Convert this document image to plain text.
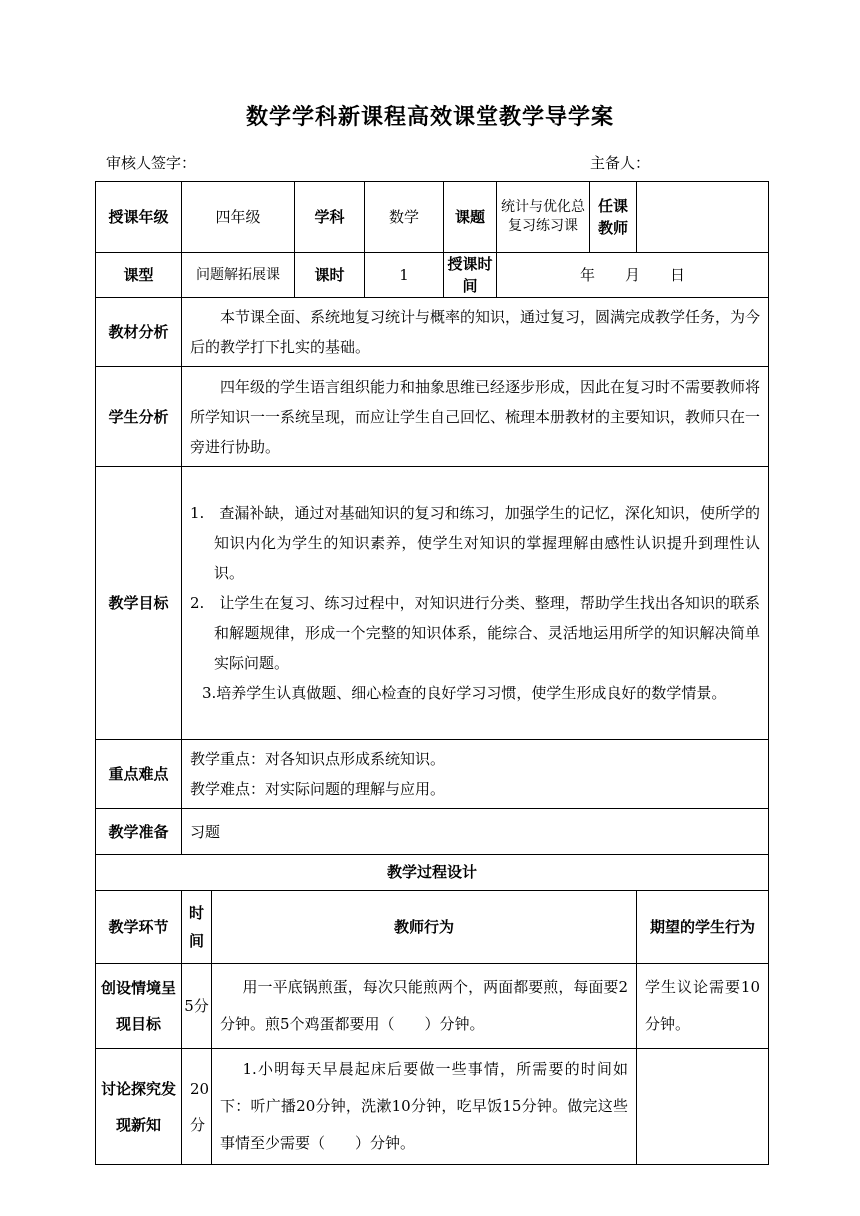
数学学科新课程高效课堂教学导学案
审核人签字：	主备人：
授课年级	四年级		学科	数学	课题	统计与优化总复习练习课	任课教师	
课型	问题解拓展课		课时	1	授课时间	年　　月　　日		
教材分析	本节课全面、系统地复习统计与概率的知识，通过复习，圆满完成教学任务，为今后的教学打下扎实的基础。							
学生分析	四年级的学生语言组织能力和抽象思维已经逐步形成，因此在复习时不需要教师将所学知识一一系统呈现，而应让学生自己回忆、梳理本册教材的主要知识，教师只在一旁进行协助。							
教学目标	1.　查漏补缺，通过对基础知识的复习和练习，加强学生的记忆，深化知识，使所学的知识内化为学生的知识素养，使学生对知识的掌握理解由感性认识提升到理性认识。
2.　让学生在复习、练习过程中，对知识进行分类、整理，帮助学生找出各知识的联系和解题规律，形成一个完整的知识体系，能综合、灵活地运用所学的知识解决简单实际问题。
3.培养学生认真做题、细心检查的良好学习习惯，使学生形成良好的数学情景。							

重点难点	教学重点：对各知识点形成系统知识。
教学难点：对实际问题的理解与应用。							

教学准备	习题							
教学过程设计								
教学环节	时间	教师行为						期望的学生行为
创设情境呈现目标	5分	用一平底锅煎蛋，每次只能煎两个，两面都要煎，每面要2分钟。煎5个鸡蛋都要用（　　）分钟。						学生议论需要10分钟。
讨论探究发现新知	20分	1.小明每天早晨起床后要做一些事情，所需要的时间如下：听广播20分钟，洗漱10分钟，吃早饭15分钟。做完这些事情至少需要（　　）分钟。						
